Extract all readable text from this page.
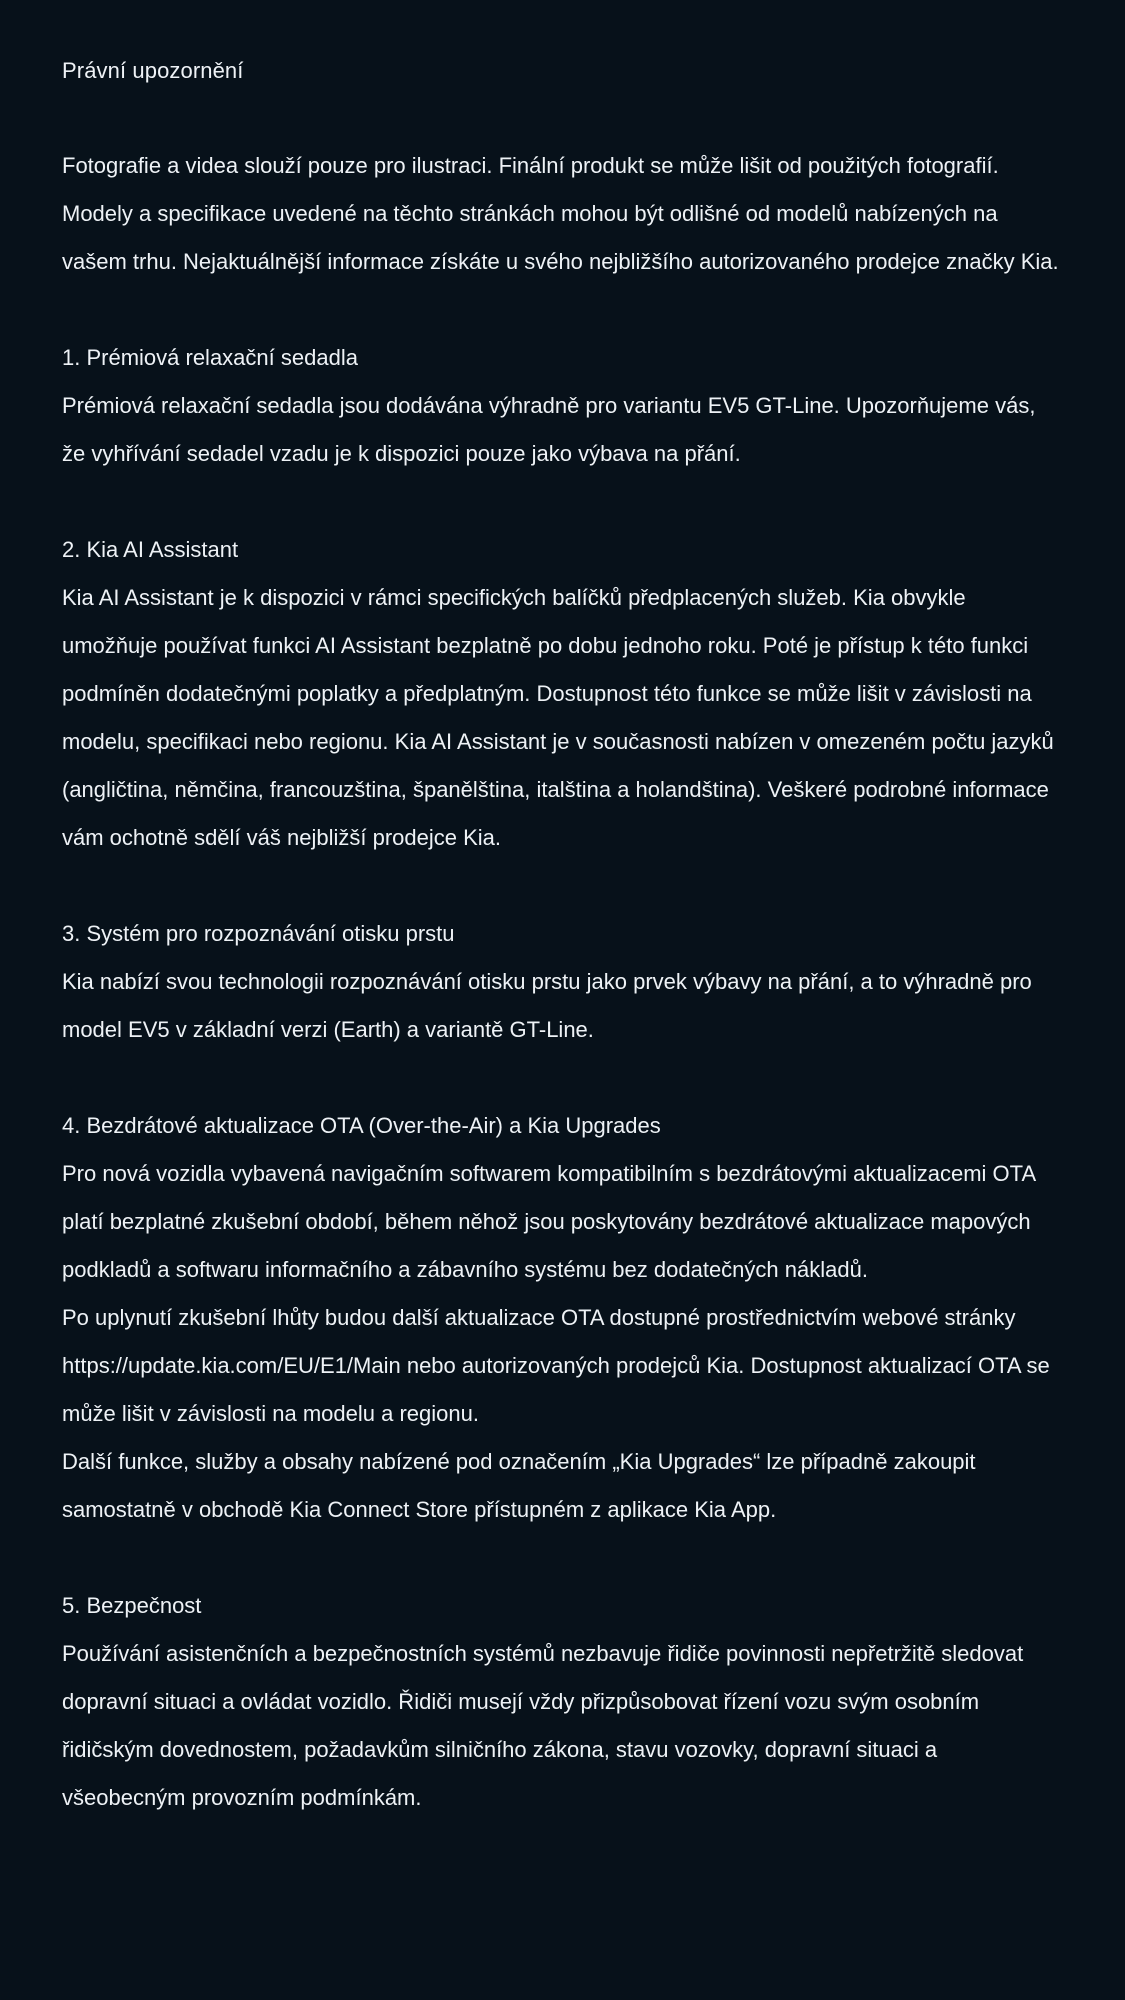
Právní upozornění

Fotografie a videa slouží pouze pro ilustraci. Finální produkt se může lišit od použitých fotografií. Modely a specifikace uvedené na těchto stránkách mohou být odlišné od modelů nabízených na vašem trhu. Nejaktuálnější informace získáte u svého nejbližšího autorizovaného prodejce značky Kia.

1. Prémiová relaxační sedadla

Prémiová relaxační sedadla jsou dodávána výhradně pro variantu EV5 GT-Line. Upozorňujeme vás, že vyhřívání sedadel vzadu je k dispozici pouze jako výbava na přání.

2. Kia AI Assistant

Kia AI Assistant je k dispozici v rámci specifických balíčků předplacených služeb. Kia obvykle umožňuje používat funkci AI Assistant bezplatně po dobu jednoho roku. Poté je přístup k této funkci podmíněn dodatečnými poplatky a předplatným. Dostupnost této funkce se může lišit v závislosti na modelu, specifikaci nebo regionu. Kia AI Assistant je v současnosti nabízen v omezeném počtu jazyků (angličtina, němčina, francouzština, španělština, italština a holandština). Veškeré podrobné informace vám ochotně sdělí váš nejbližší prodejce Kia.

3. Systém pro rozpoznávání otisku prstu

Kia nabízí svou technologii rozpoznávání otisku prstu jako prvek výbavy na přání, a to výhradně pro model EV5 v základní verzi (Earth) a variantě GT-Line.

4. Bezdrátové aktualizace OTA (Over-the-Air) a Kia Upgrades

Pro nová vozidla vybavená navigačním softwarem kompatibilním s bezdrátovými aktualizacemi OTA platí bezplatné zkušební období, během něhož jsou poskytovány bezdrátové aktualizace mapových podkladů a softwaru informačního a zábavního systému bez dodatečných nákladů.

Po uplynutí zkušební lhůty budou další aktualizace OTA dostupné prostřednictvím webové stránky https://update.kia.com/EU/E1/Main nebo autorizovaných prodejců Kia. Dostupnost aktualizací OTA se může lišit v závislosti na modelu a regionu.

Další funkce, služby a obsahy nabízené pod označením „Kia Upgrades“ lze případně zakoupit samostatně v obchodě Kia Connect Store přístupném z aplikace Kia App.

5. Bezpečnost

Používání asistenčních a bezpečnostních systémů nezbavuje řidiče povinnosti nepřetržitě sledovat dopravní situaci a ovládat vozidlo. Řidiči musejí vždy přizpůsobovat řízení vozu svým osobním řidičským dovednostem, požadavkům silničního zákona, stavu vozovky, dopravní situaci a všeobecným provozním podmínkám.
